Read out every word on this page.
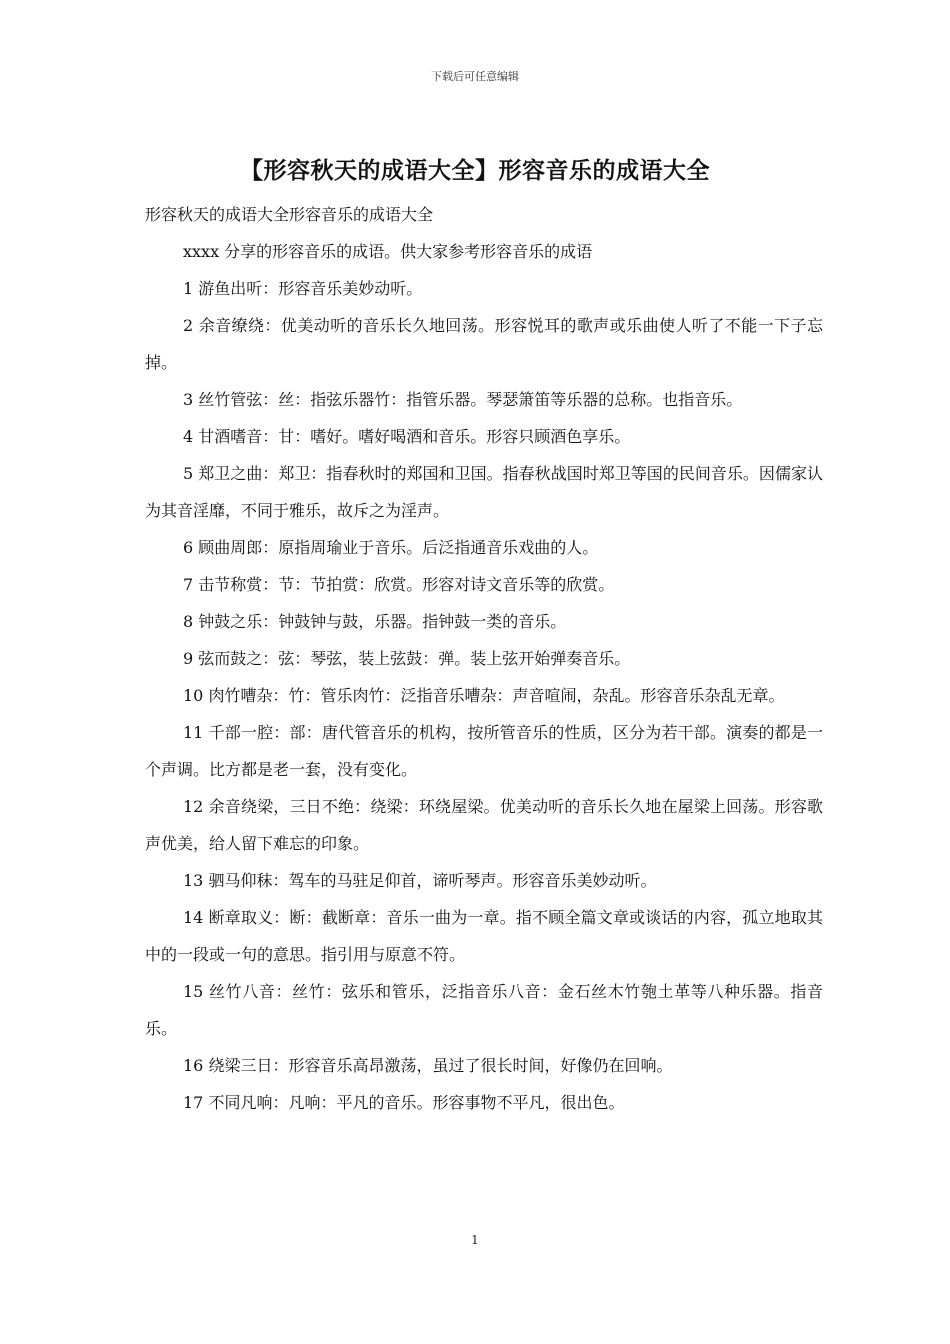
下载后可任意编辑
【形容秋天的成语大全】形容音乐的成语大全
形容秋天的成语大全形容音乐的成语大全

xxxx 分享的形容音乐的成语。供大家参考形容音乐的成语

1 游鱼出听：形容音乐美妙动听。

2 余音缭绕：优美动听的音乐长久地回荡。形容悦耳的歌声或乐曲使人听了不能一下子忘掉。

3 丝竹管弦：丝：指弦乐器竹：指管乐器。琴瑟箫笛等乐器的总称。也指音乐。

4 甘酒嗜音：甘：嗜好。嗜好喝酒和音乐。形容只顾酒色享乐。

5 郑卫之曲：郑卫：指春秋时的郑国和卫国。指春秋战国时郑卫等国的民间音乐。因儒家认为其音淫靡，不同于雅乐，故斥之为淫声。

6 顾曲周郎：原指周瑜业于音乐。后泛指通音乐戏曲的人。

7 击节称赏：节：节拍赏：欣赏。形容对诗文音乐等的欣赏。

8 钟鼓之乐：钟鼓钟与鼓，乐器。指钟鼓一类的音乐。

9 弦而鼓之：弦：琴弦，装上弦鼓：弹。装上弦开始弹奏音乐。

10 肉竹嘈杂：竹：管乐肉竹：泛指音乐嘈杂：声音喧闹，杂乱。形容音乐杂乱无章。

11 千部一腔：部：唐代管音乐的机构，按所管音乐的性质，区分为若干部。演奏的都是一个声调。比方都是老一套，没有变化。

12 余音绕梁，三日不绝：绕梁：环绕屋梁。优美动听的音乐长久地在屋梁上回荡。形容歌声优美，给人留下难忘的印象。

13 驷马仰秣：驾车的马驻足仰首，谛听琴声。形容音乐美妙动听。

14 断章取义：断：截断章：音乐一曲为一章。指不顾全篇文章或谈话的内容，孤立地取其中的一段或一句的意思。指引用与原意不符。

15 丝竹八音：丝竹：弦乐和管乐，泛指音乐八音：金石丝木竹匏土革等八种乐器。指音乐。

16 绕梁三日：形容音乐高昂激荡，虽过了很长时间，好像仍在回响。

17 不同凡响：凡响：平凡的音乐。形容事物不平凡，很出色。

1
